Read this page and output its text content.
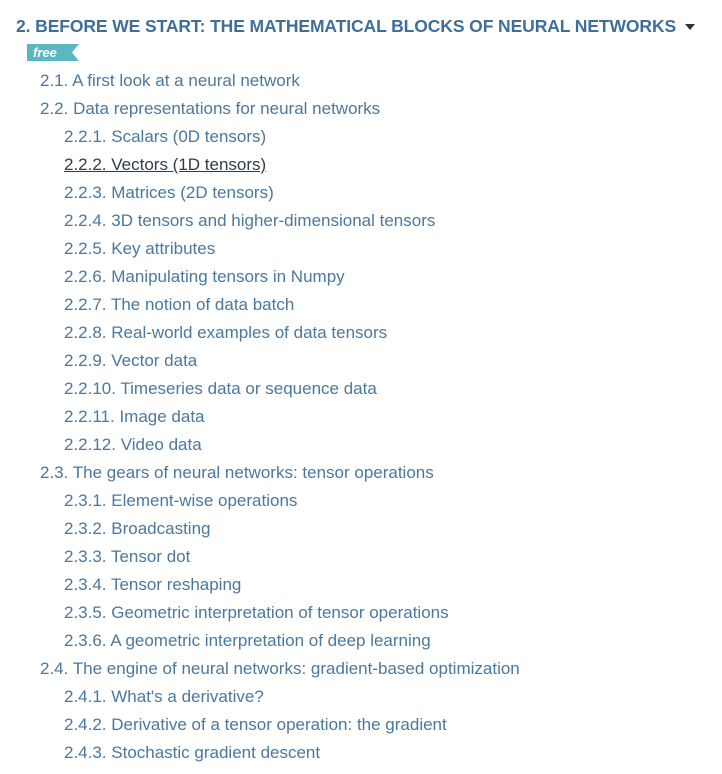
2. BEFORE WE START: THE MATHEMATICAL BLOCKS OF NEURAL NETWORKS
free
2.1. A first look at a neural network
2.2. Data representations for neural networks
2.2.1. Scalars (0D tensors)
2.2.2. Vectors (1D tensors)
2.2.3. Matrices (2D tensors)
2.2.4. 3D tensors and higher-dimensional tensors
2.2.5. Key attributes
2.2.6. Manipulating tensors in Numpy
2.2.7. The notion of data batch
2.2.8. Real-world examples of data tensors
2.2.9. Vector data
2.2.10. Timeseries data or sequence data
2.2.11. Image data
2.2.12. Video data
2.3. The gears of neural networks: tensor operations
2.3.1. Element-wise operations
2.3.2. Broadcasting
2.3.3. Tensor dot
2.3.4. Tensor reshaping
2.3.5. Geometric interpretation of tensor operations
2.3.6. A geometric interpretation of deep learning
2.4. The engine of neural networks: gradient-based optimization
2.4.1. What's a derivative?
2.4.2. Derivative of a tensor operation: the gradient
2.4.3. Stochastic gradient descent
